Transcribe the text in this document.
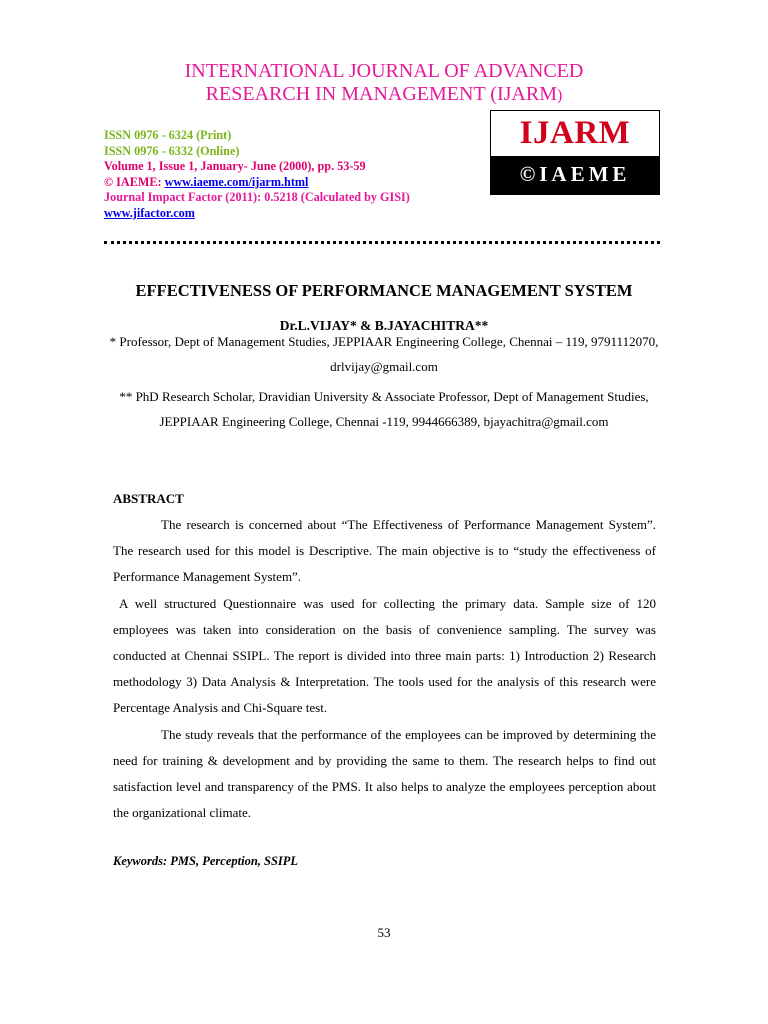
INTERNATIONAL JOURNAL OF ADVANCED
RESEARCH IN MANAGEMENT (IJARM)
ISSN 0976 - 6324 (Print)
ISSN 0976 - 6332 (Online)
Volume 1, Issue 1, January- June (2000), pp. 53-59
© IAEME: www.iaeme.com/ijarm.html
Journal Impact Factor (2011): 0.5218 (Calculated by GISI)
www.jifactor.com
IJARM
©IAEME
EFFECTIVENESS OF PERFORMANCE MANAGEMENT SYSTEM
Dr.L.VIJAY* & B.JAYACHITRA**
* Professor, Dept of Management Studies, JEPPIAAR Engineering College, Chennai – 119, 9791112070, drlvijay@gmail.com
** PhD Research Scholar, Dravidian University & Associate Professor, Dept of Management Studies, JEPPIAAR Engineering College, Chennai -119, 9944666389, bjayachitra@gmail.com
ABSTRACT

The research is concerned about “The Effectiveness of Performance Management System”. The research used for this model is Descriptive. The main objective is to “study the effectiveness of Performance Management System”.

A well structured Questionnaire was used for collecting the primary data. Sample size of 120 employees was taken into consideration on the basis of convenience sampling. The survey was conducted at Chennai SSIPL. The report is divided into three main parts: 1) Introduction 2) Research methodology 3) Data Analysis & Interpretation. The tools used for the analysis of this research were Percentage Analysis and Chi-Square test.

The study reveals that the performance of the employees can be improved by determining the need for training & development and by providing the same to them. The research helps to find out satisfaction level and transparency of the PMS. It also helps to analyze the employees perception about the organizational climate.

Keywords: PMS, Perception, SSIPL
53
